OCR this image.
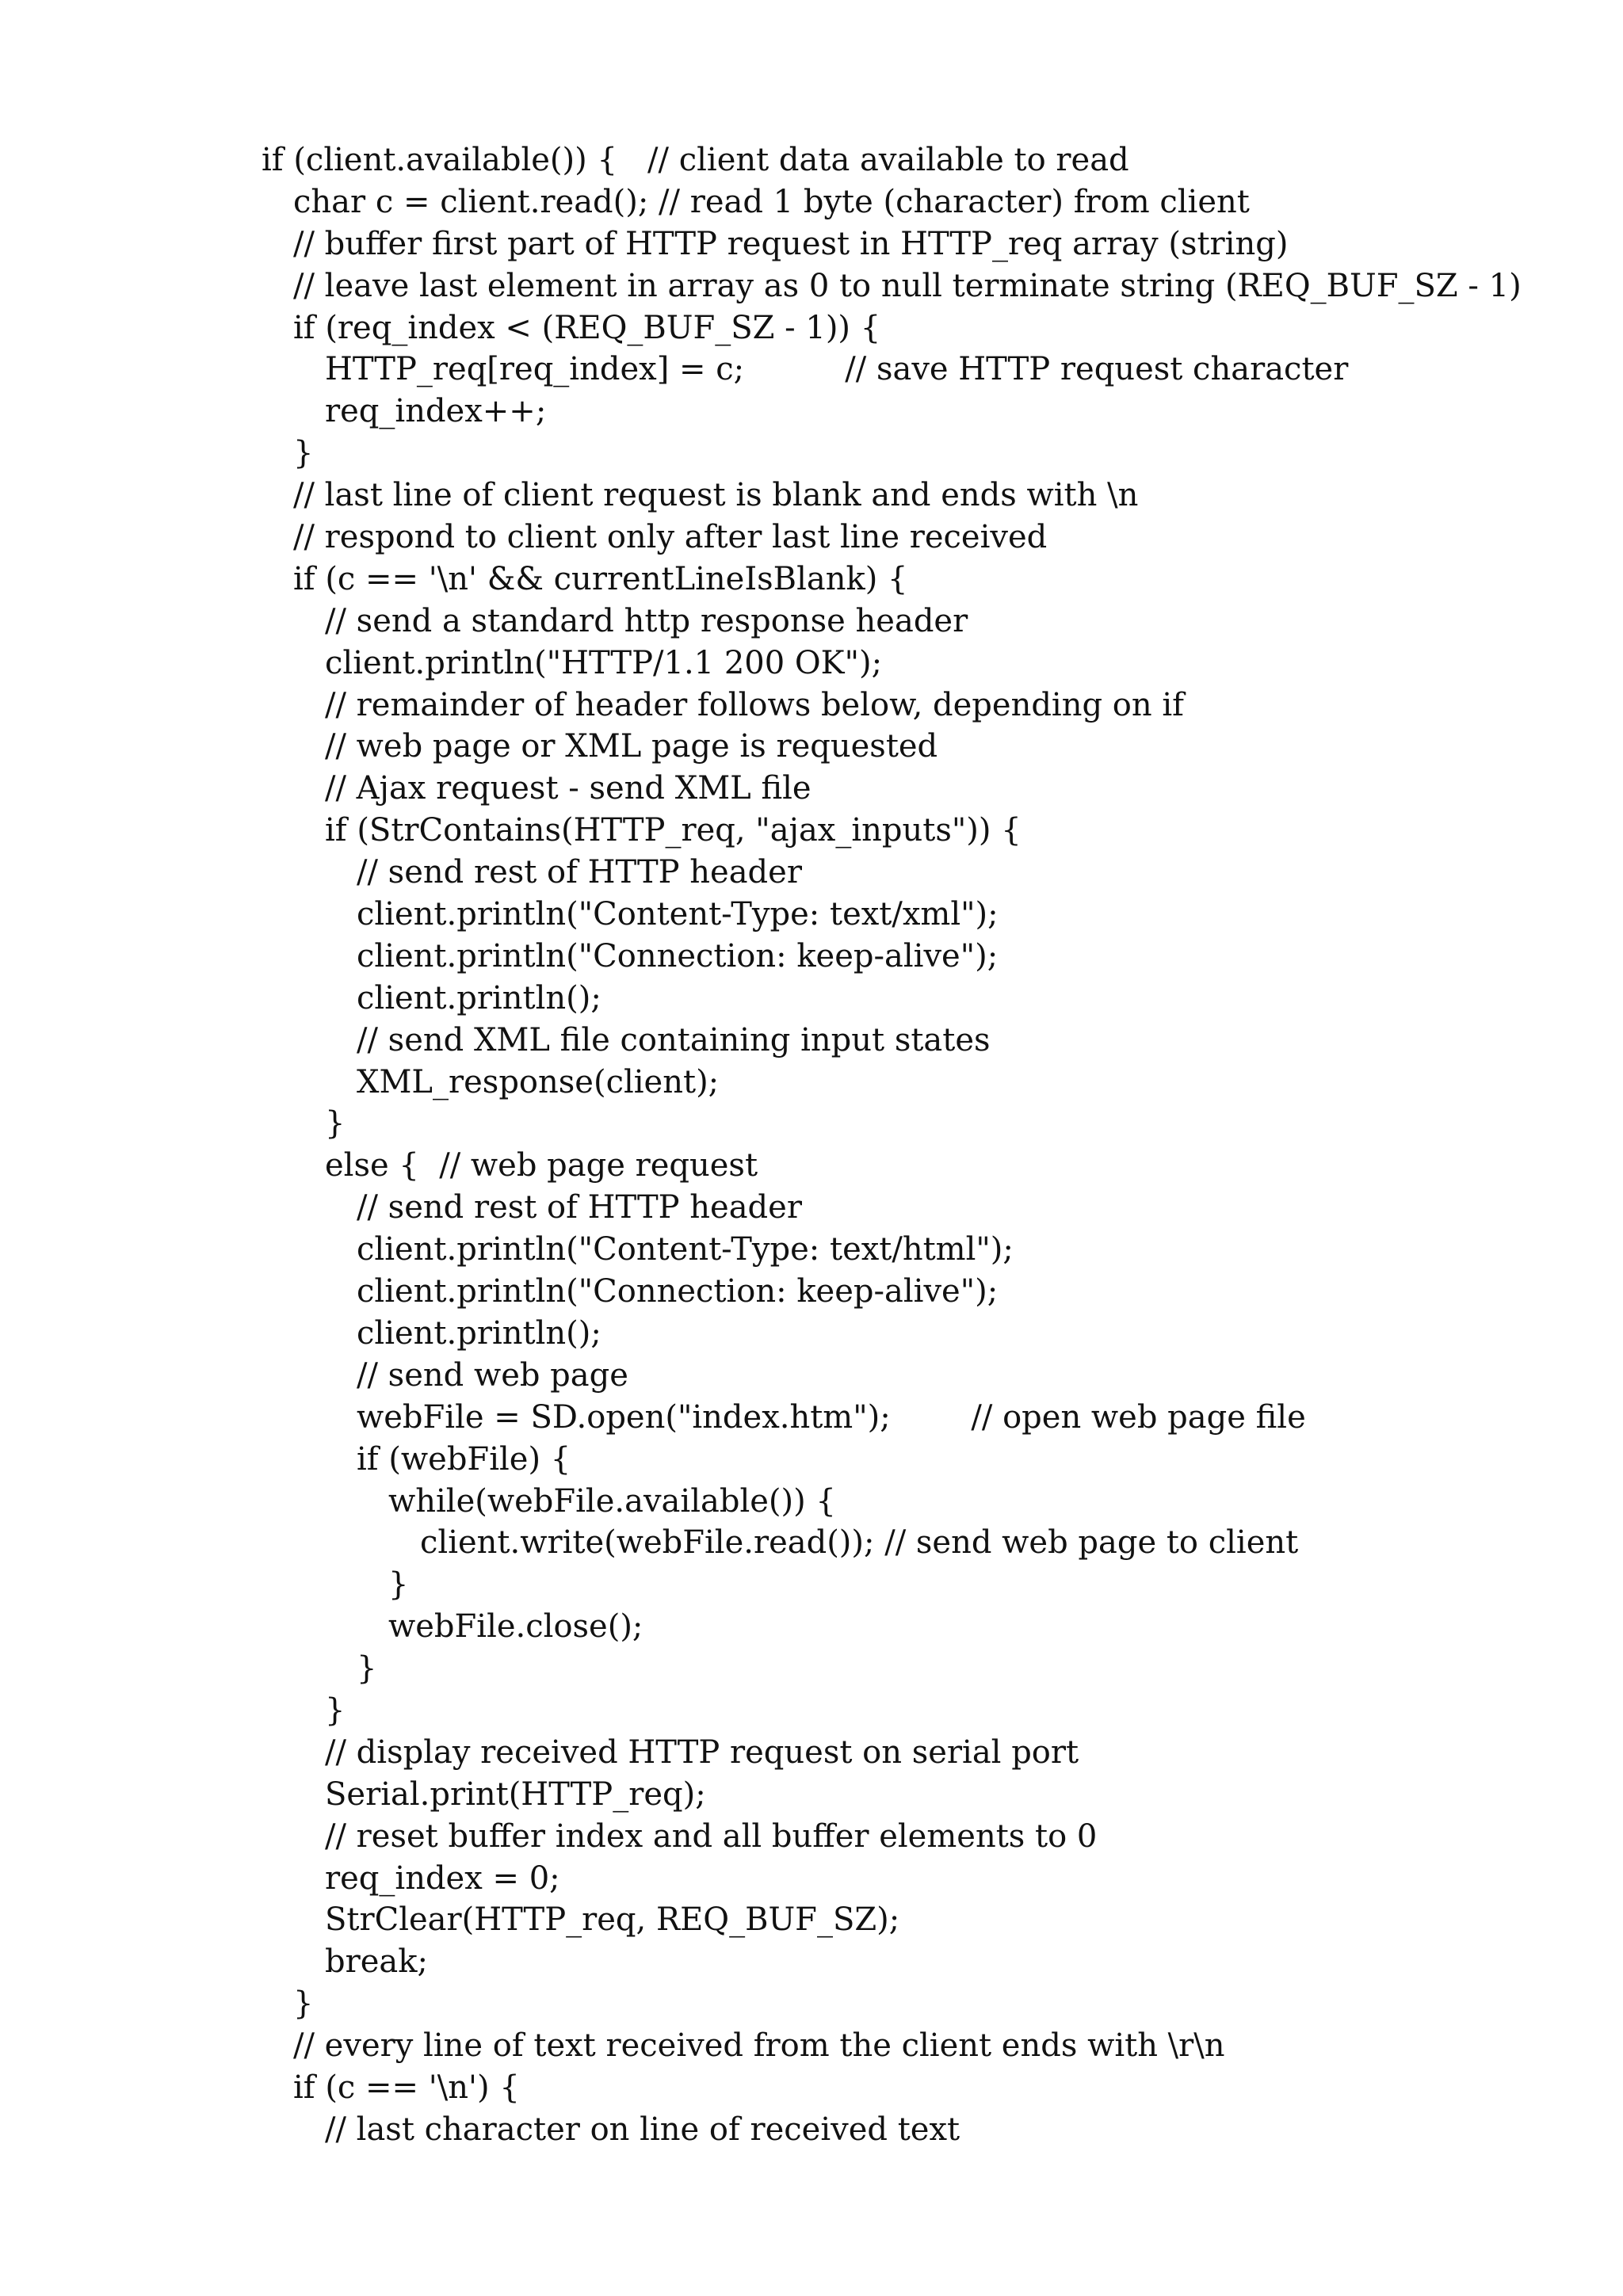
if (client.available()) {   // client data available to read
char c = client.read(); // read 1 byte (character) from client
// buffer first part of HTTP request in HTTP_req array (string)
// leave last element in array as 0 to null terminate string (REQ_BUF_SZ - 1)
if (req_index < (REQ_BUF_SZ - 1)) {
HTTP_req[req_index] = c;          // save HTTP request character
req_index++;
}
// last line of client request is blank and ends with \n
// respond to client only after last line received
if (c == '\n' && currentLineIsBlank) {
// send a standard http response header
client.println("HTTP/1.1 200 OK");
// remainder of header follows below, depending on if
// web page or XML page is requested
// Ajax request - send XML file
if (StrContains(HTTP_req, "ajax_inputs")) {
// send rest of HTTP header
client.println("Content-Type: text/xml");
client.println("Connection: keep-alive");
client.println();
// send XML file containing input states
XML_response(client);
}
else {  // web page request
// send rest of HTTP header
client.println("Content-Type: text/html");
client.println("Connection: keep-alive");
client.println();
// send web page
webFile = SD.open("index.htm");        // open web page file
if (webFile) {
while(webFile.available()) {
client.write(webFile.read()); // send web page to client
}
webFile.close();
}
}
// display received HTTP request on serial port
Serial.print(HTTP_req);
// reset buffer index and all buffer elements to 0
req_index = 0;
StrClear(HTTP_req, REQ_BUF_SZ);
break;
}
// every line of text received from the client ends with \r\n
if (c == '\n') {
// last character on line of received text
